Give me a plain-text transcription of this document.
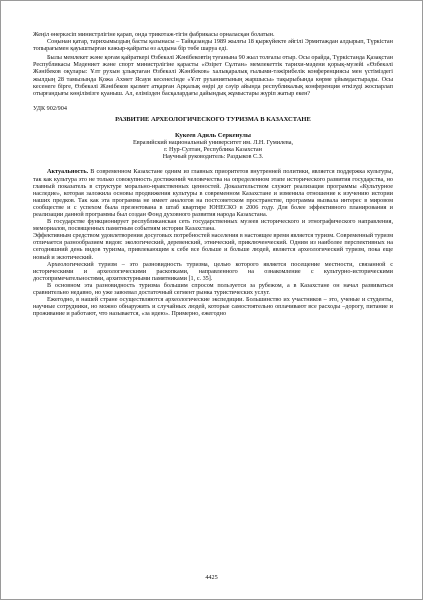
Жеңіл өнеркәсіп министрлігіне қарап, онда трикотаж-тігін фабрикасы орналасқан болатын.

Соңынан қатар, тарихымыздың басты қазынасы – Тайқазанды 1989 жылғы 18 қыркүйекте әйгілі Эрмитаждан алдырып, Түркістан топырағымен қауыштырған кәжыр-қайраты өз алдына бір төбе шаруа еді.

Былы мемлекет және қоғам қайраткері Өзбекәлі Жәнібековтің туғанына 90 жыл толғалы отыр. Осы орайда, Түркістанда Қазақстан Республикасы Мәдениет және спорт министрлігіне қарасты «Әзірет Сұлтан» мемлекеттік тарихи-мәдени қорық-музейі «Өзбекәлі Жәнібеков оқулары: Ұлт рухын ұлықтаған Өзбекәлі Жәнібеков» халықаралық ғылыми-тәжірибелік конференциясы мен үстіміздегі жылдың 28 тамызында Қожа Ахмет Ясауи кесенесінде «Ұлт руханиятының жаршысы» тақырыбында көрме ұйымдастырады. Осы кесенеге бірге, Өзбекәлі Жәнібеков қызмет атқарған Арқалық өңірі де сәуір айында республикалық конференция өткізуді жоспарлап отырғандығы көңілімізге қуаныш. Ал, елімізден басқалардағы дайындық жұмыстары жүріп жатыр екен?

УДК 902/904

РАЗВИТИЕ АРХЕОЛОГИЧЕСКОГО ТУРИЗМА В КАЗАХСТАНЕ

Кукеев Адиль Серкенулы

Евразийский национальный университет им. Л.Н. Гумилева,

г. Нур-Султан, Республика Казахстан

Научный руководитель: Раздыков С.З.

Актуальность. В современном Казахстане одним из главных приоритетов внутренней политики, является поддержка культуры, так как культура это не только совокупность достижений человечества на определенном этапе исторического развития государства, но главный показатель в структуре морально-нравственных ценностей. Доказательством служит реализация программы «Культурное наследие», которая заложила основы продвижения культуры в современном Казахстане и изменила отношение к изучению истории наших предков. Так как эта программа не имеет аналогов на постсоветском пространстве, программа вызвала интерес в мировом сообществе и с успехом была презентована в штаб квартире ЮНЕСКО в 2006 году. Для более эффективного планирования и реализации данной программы был создан Фонд духовного развития народа Казахстана.

В государстве функционирует республиканская сеть государственных музеев исторического и этнографического направления, мемориалов, посвященных памятным событиям истории Казахстана.

Эффективным средством удовлетворения досуговых потребностей населения в настоящее время является туризм. Современный туризм отличается разнообразием видов: экологический, деревенский, этнический, приключенческий. Одним из наиболее перспективных на сегодняшний день видов туризма, привлекающим к себе все больше и больше людей, является археологический туризм, пока еще новый и экзотический.

Археологический туризм – это разновидность туризма, целью которого является посещение местности, связанной с историческими и археологическими раскопками, направленного на ознакомление с культурно-историческими достопримечательностями, архитектурными памятниками [1, с. 35].

В основном эта разновидность туризма большим спросом пользуется за рубежом, а в Казахстане он начал развиваться сравнительно недавно, но уже завоевал достаточный сегмент рынка туристических услуг.

Ежегодно, в нашей стране осуществляются археологические экспедиции. Большинство их участников – это, ученые и студенты, научные сотрудники, но можно обнаружить и случайных людей, которые самостоятельно оплачивают все расходы –дорогу, питание и проживание и работают, что называется, «за идею». Примерно, ежегодно

4425
